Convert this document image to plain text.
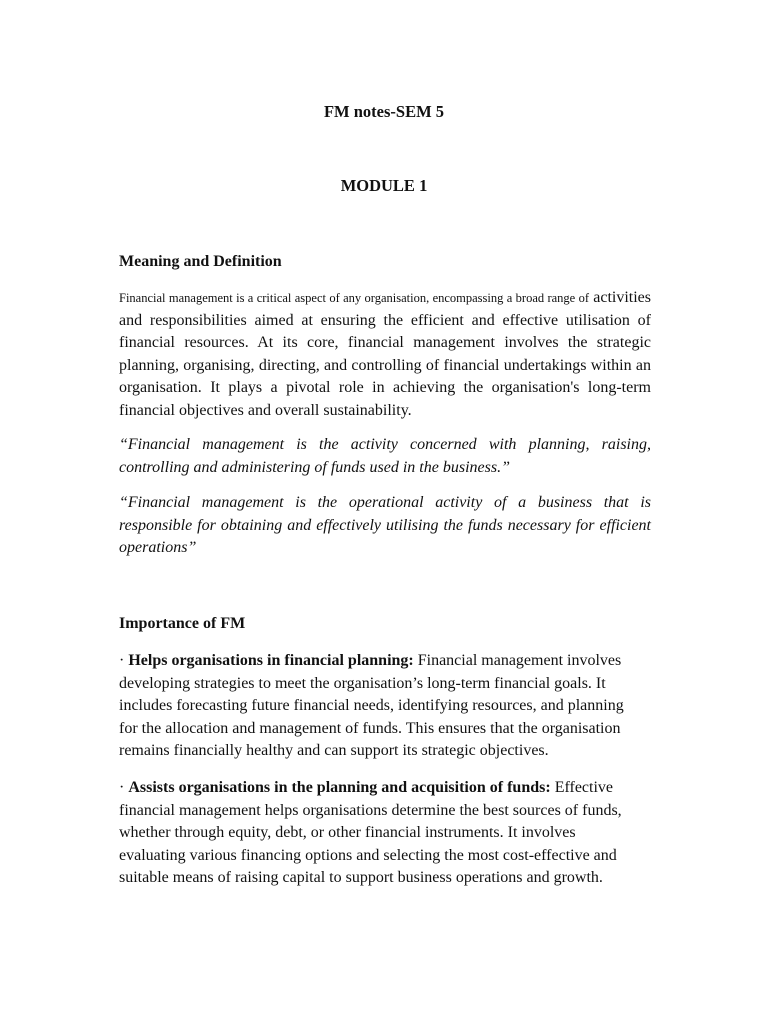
FM notes-SEM 5
MODULE 1
Meaning and Definition

Financial management is a critical aspect of any organisation, encompassing a broad range of activities and responsibilities aimed at ensuring the efficient and effective utilisation of financial resources. At its core, financial management involves the strategic planning, organising, directing, and controlling of financial undertakings within an organisation. It plays a pivotal role in achieving the organisation's long-term financial objectives and overall sustainability.

“Financial management is the activity concerned with planning, raising, controlling and administering of funds used in the business.”

“Financial management is the operational activity of a business that is responsible for obtaining and effectively utilising the funds necessary for efficient operations”

Importance of FM

· Helps organisations in financial planning: Financial management involves developing strategies to meet the organisation’s long-term financial goals. It includes forecasting future financial needs, identifying resources, and planning for the allocation and management of funds. This ensures that the organisation remains financially healthy and can support its strategic objectives.

· Assists organisations in the planning and acquisition of funds: Effective financial management helps organisations determine the best sources of funds, whether through equity, debt, or other financial instruments. It involves evaluating various financing options and selecting the most cost-effective and suitable means of raising capital to support business operations and growth.
